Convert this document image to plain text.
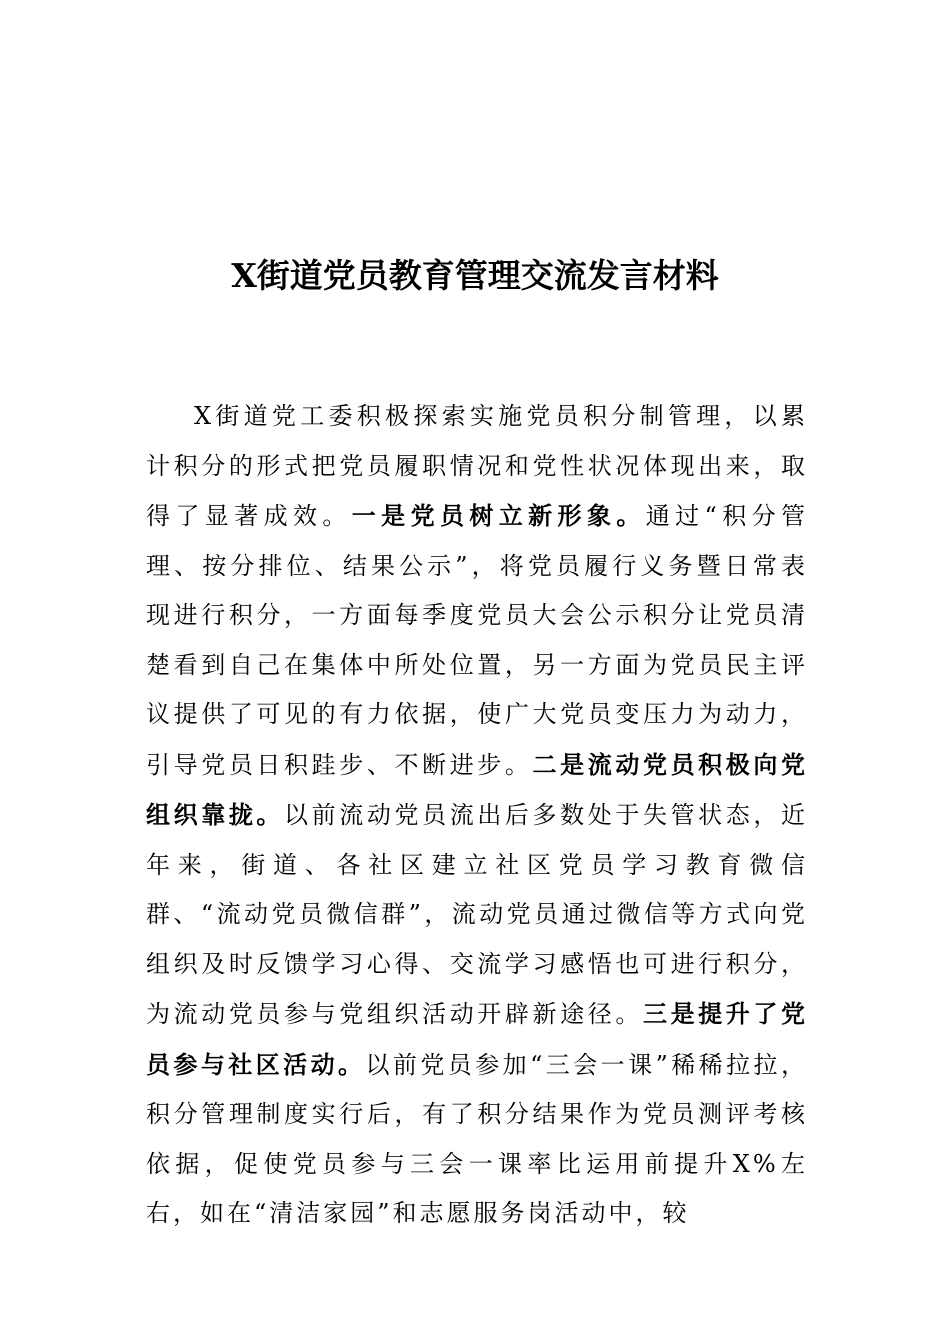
X街道党员教育管理交流发言材料

X街道党工委积极探索实施党员积分制管理，以累计积分的形式把党员履职情况和党性状况体现出来，取得了显著成效。一是党员树立新形象。通过“积分管理、按分排位、结果公示”，将党员履行义务暨日常表现进行积分，一方面每季度党员大会公示积分让党员清楚看到自己在集体中所处位置，另一方面为党员民主评议提供了可见的有力依据，使广大党员变压力为动力，引导党员日积跬步、不断进步。二是流动党员积极向党组织靠拢。以前流动党员流出后多数处于失管状态，近年来，街道、各社区建立社区党员学习教育微信群、“流动党员微信群”，流动党员通过微信等方式向党组织及时反馈学习心得、交流学习感悟也可进行积分，为流动党员参与党组织活动开辟新途径。三是提升了党员参与社区活动。以前党员参加“三会一课”稀稀拉拉，积分管理制度实行后，有了积分结果作为党员测评考核依据，促使党员参与三会一课率比运用前提升X%左右，如在“清洁家园”和志愿服务岗活动中，较
